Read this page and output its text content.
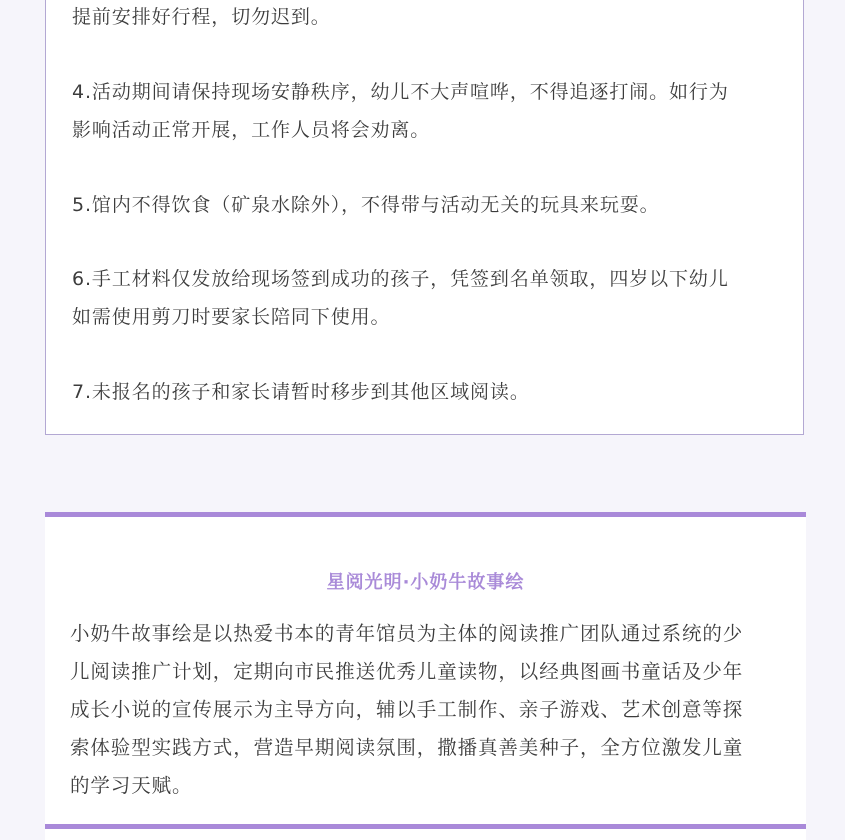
提前安排好行程，切勿迟到。
4.活动期间请保持现场安静秩序，幼儿不大声喧哗，不得追逐打闹。如行为
影响活动正常开展，工作人员将会劝离。
5.馆内不得饮食（矿泉水除外），不得带与活动无关的玩具来玩耍。
6.手工材料仅发放给现场签到成功的孩子，凭签到名单领取，四岁以下幼儿
如需使用剪刀时要家长陪同下使用。
7.未报名的孩子和家长请暂时移步到其他区域阅读。
星阅光明·小奶牛故事绘
小奶牛故事绘是以热爱书本的青年馆员为主体的阅读推广团队通过系统的少
儿阅读推广计划，定期向市民推送优秀儿童读物，以经典图画书童话及少年
成长小说的宣传展示为主导方向，辅以手工制作、亲子游戏、艺术创意等探
索体验型实践方式，营造早期阅读氛围，撒播真善美种子，全方位激发儿童
的学习天赋。
